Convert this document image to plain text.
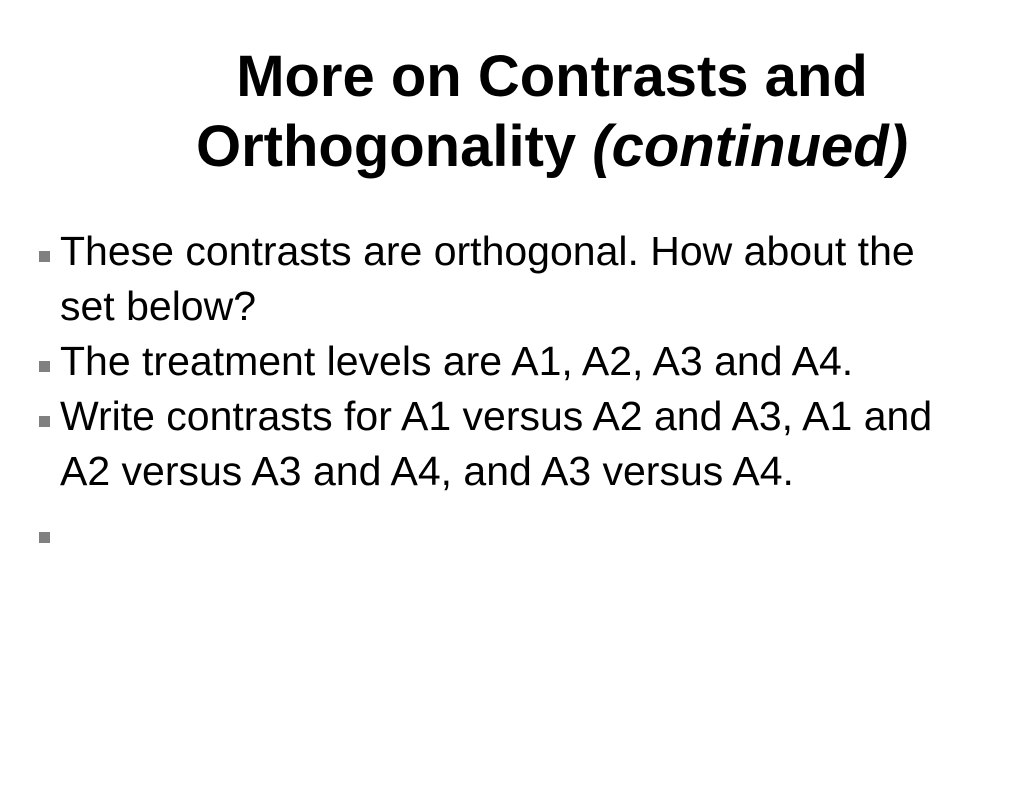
More on Contrasts and
Orthogonality (continued)
These contrasts are orthogonal. How about the
set below?
The treatment levels are A1, A2, A3 and A4.
Write contrasts for A1 versus A2 and A3, A1 and
A2 versus A3 and A4, and A3 versus A4.
